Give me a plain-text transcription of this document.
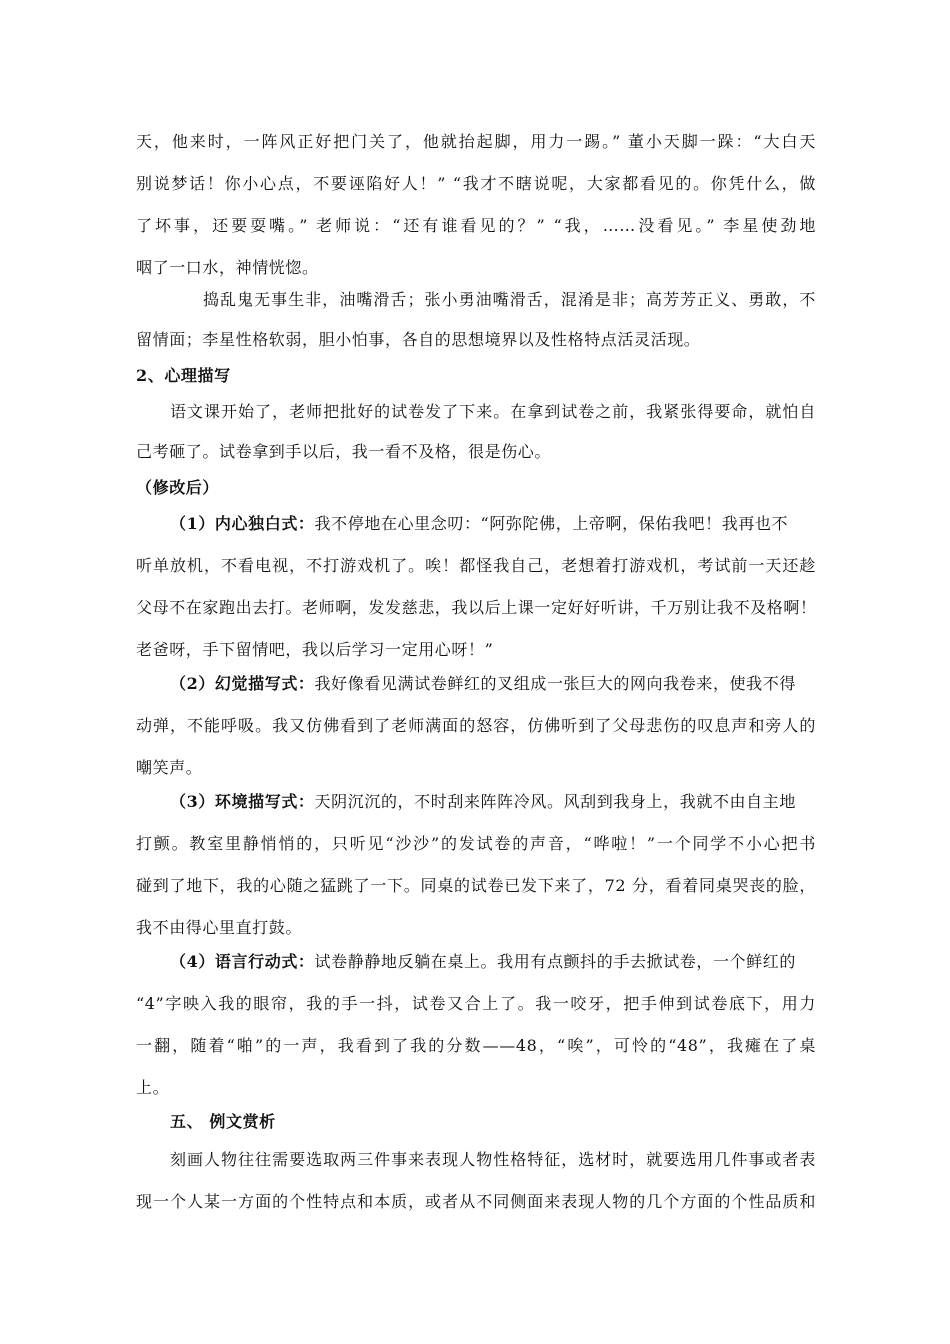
天，他来时，一阵风正好把门关了，他就抬起脚，用力一踢。” 董小天脚一跺：“大白天
别说梦话！你小心点，不要诬陷好人！” “我才不瞎说呢，大家都看见的。你凭什么，做
了坏事，还要耍嘴。” 老师说：“还有谁看见的？” “我，……没看见。” 李星使劲地
咽了一口水，神情恍惚。
捣乱鬼无事生非，油嘴滑舌；张小勇油嘴滑舌，混淆是非；高芳芳正义、勇敢，不
留情面；李星性格软弱，胆小怕事，各自的思想境界以及性格特点活灵活现。
2、心理描写
语文课开始了，老师把批好的试卷发了下来。在拿到试卷之前，我紧张得要命，就怕自
己考砸了。试卷拿到手以后，我一看不及格，很是伤心。
（修改后）
（1）内心独白式：我不停地在心里念叨：“阿弥陀佛，上帝啊，保佑我吧！我再也不
听单放机，不看电视，不打游戏机了。唉！都怪我自己，老想着打游戏机，考试前一天还趁
父母不在家跑出去打。老师啊，发发慈悲，我以后上课一定好好听讲，千万别让我不及格啊！
老爸呀，手下留情吧，我以后学习一定用心呀！”
（2）幻觉描写式：我好像看见满试卷鲜红的叉组成一张巨大的网向我卷来，使我不得
动弹，不能呼吸。我又仿佛看到了老师满面的怒容，仿佛听到了父母悲伤的叹息声和旁人的
嘲笑声。
（3）环境描写式：天阴沉沉的，不时刮来阵阵冷风。风刮到我身上，我就不由自主地
打颤。教室里静悄悄的，只听见“沙沙”的发试卷的声音，“哗啦！”一个同学不小心把书
碰到了地下，我的心随之猛跳了一下。同桌的试卷已发下来了，72 分，看着同桌哭丧的脸，
我不由得心里直打鼓。
（4）语言行动式：试卷静静地反躺在桌上。我用有点颤抖的手去掀试卷，一个鲜红的
“4”字映入我的眼帘，我的手一抖，试卷又合上了。我一咬牙，把手伸到试卷底下，用力
一翻，随着“啪”的一声，我看到了我的分数——48，“唉”，可怜的“48”，我瘫在了桌
上。
五、 例文赏析
刻画人物往往需要选取两三件事来表现人物性格特征，选材时，就要选用几件事或者表
现一个人某一方面的个性特点和本质，或者从不同侧面来表现人物的几个方面的个性品质和
